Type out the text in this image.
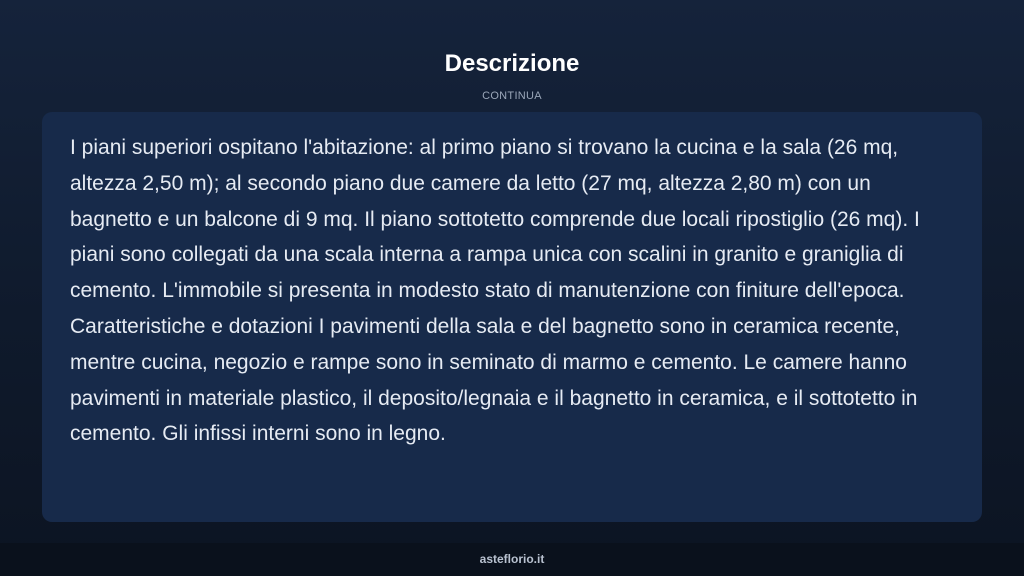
Descrizione
CONTINUA

I piani superiori ospitano l'abitazione: al primo piano si trovano la cucina e la sala (26 mq, altezza 2,50 m); al secondo piano due camere da letto (27 mq, altezza 2,80 m) con un bagnetto e un balcone di 9 mq. Il piano sottotetto comprende due locali ripostiglio (26 mq). I piani sono collegati da una scala interna a rampa unica con scalini in granito e graniglia di cemento. L'immobile si presenta in modesto stato di manutenzione con finiture dell'epoca. Caratteristiche e dotazioni I pavimenti della sala e del bagnetto sono in ceramica recente, mentre cucina, negozio e rampe sono in seminato di marmo e cemento. Le camere hanno pavimenti in materiale plastico, il deposito/legnaia e il bagnetto in ceramica, e il sottotetto in cemento. Gli infissi interni sono in legno.

asteflorio.it
